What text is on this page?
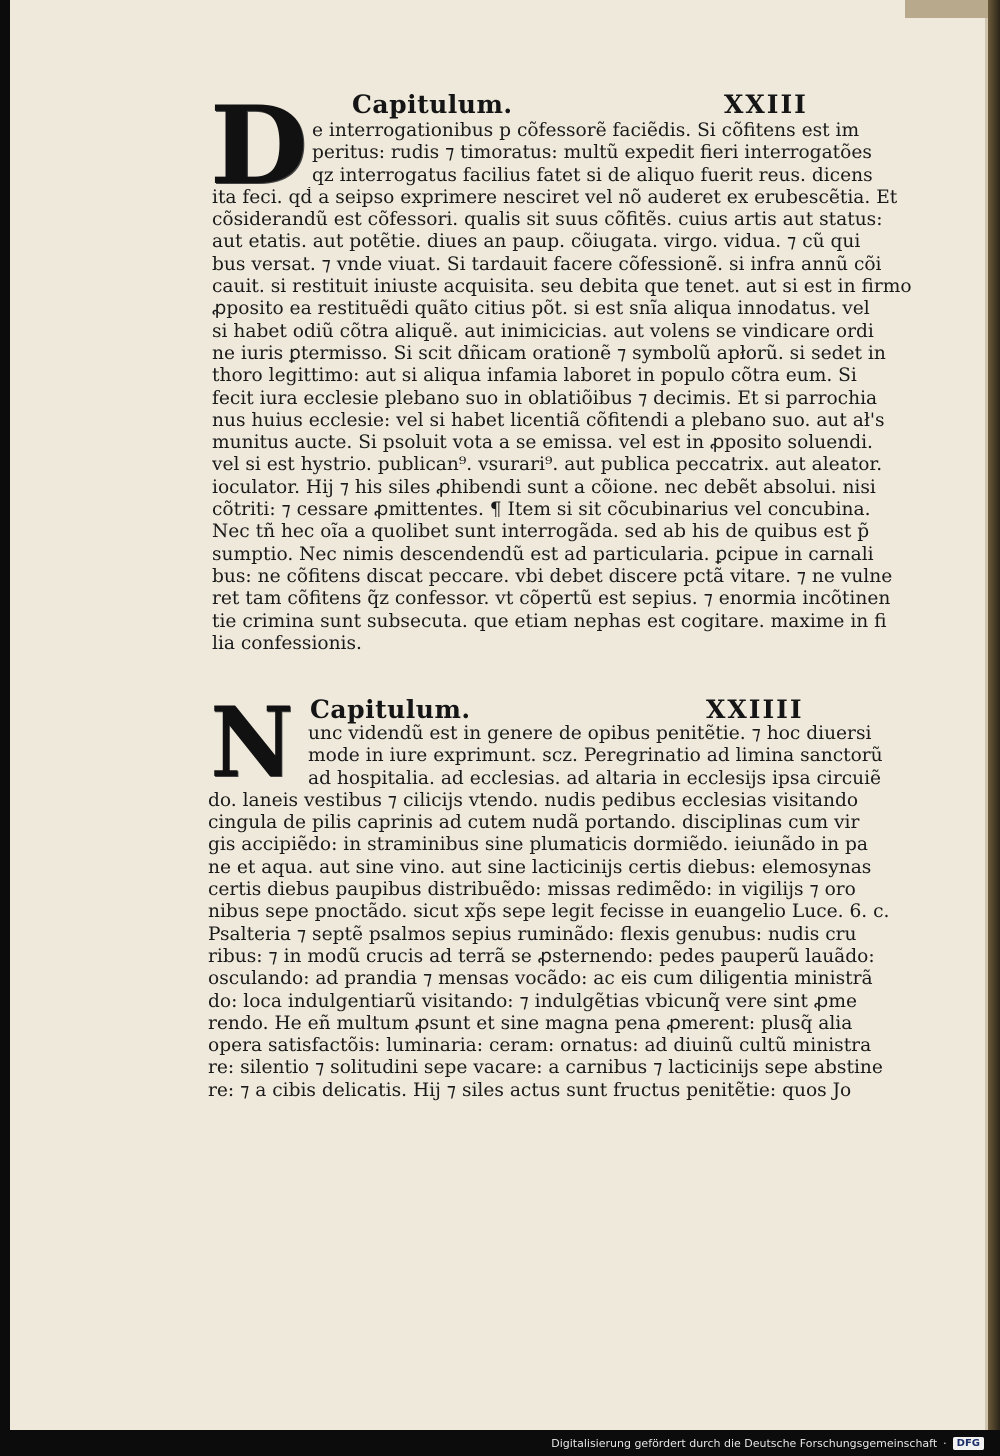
D Capitulum.	XXIII
e interrogationibus p cõfessorẽ faciẽdis. Si cõfitens est im
peritus: rudis ⁊ timoratus: multũ expedit fieri interrogatões
qz interrogatus facilius fatet̃ si de aliquo fuerit reus. dicens
ita feci. qḋ a seipso exprimere nesciret vel nõ auderet ex erubescẽtia. Et
cõsiderandũ est cõfessori. qualis sit suus cõfitẽs. cuius artis aut status:
aut etatis. aut potẽtie. diues an paup. cõiugata. virgo. vidua. ⁊ cũ qui
bus versat̃. ⁊ vnde viuat. Si tardauit facere cõfessionẽ. si infra annũ cõi
cauit. si restituit iniuste acquisita. seu debita que tenet̃. aut si est in firmo
ꝓposito ea restituẽdi quãto citius põt. si est snĩa aliqua innodatus. vel
si habet odiũ cõtra aliquẽ. aut inimicicias. aut volens se vindicare ordi
ne iuris ꝑtermisso. Si scit dñicam orationẽ ⁊ symbolũ apłorũ. si sedet in
thoro legittimo: aut si aliqua infamia laboret in populo cõtra eum. Si
fecit iura ecclesie plebano suo in oblatiõibus ⁊ decimis. Et si parrochia
nus huius ecclesie: vel si habet licentiã cõfitendi a plebano suo. aut ał's
munitus aucte. Si psoluit vota a se emissa. vel est in ꝓposito soluendi.
vel si est hystrio. publican⁹. vsurari⁹. aut publica peccatrix. aut aleator.
ioculator. Hij ⁊ his siles ꝓhibendi sunt a cõione. nec debẽt absolui. nisi
cõtriti: ⁊ cessare ꝓmittentes. ¶ Item si sit cõcubinarius vel concubina.
Nec tñ hec oĩa a quolibet sunt interrogãda. sed ab his de quibus est p̃
sumptio. Nec nimis descendendũ est ad particularia. ꝑcipue in carnali
bus: ne cõfitens discat peccare. vbi debet discere pctã vitare. ⁊ ne vulne
ret tam cõfitens q̃z confessor. vt cõpertũ est sepius. ⁊ enormia incõtinen
tie crimina sunt subsecuta. que etiam nephas est cogitare. maxime in fi
lia confessionis.
N Capitulum.	XXIIII
unc videndũ est in genere de opibus penitẽtie. ⁊ hoc diuersi
mode in iure exprimunt̃. scz. Peregrinatio ad limina sanctorũ
ad hospitalia. ad ecclesias. ad altaria in ecclesijs ipsa circuiẽ
do. laneis vestibus ⁊ cilicijs vtendo. nudis pedibus ecclesias visitando
cingula de pilis caprinis ad cutem nudã portando. disciplinas cum vir
gis accipiẽdo: in straminibus sine plumaticis dormiẽdo. ieiunãdo in pa
ne et aqua. aut sine vino. aut sine lacticinijs certis diebus: elemosynas
certis diebus paupibus distribuẽdo: missas redimẽdo: in vigilijs ⁊ oro
nibus sepe pnoctãdo. sicut xp̃s sepe legit̃ fecisse in euangelio Luce. 6. c.
Psalteria ⁊ septẽ psalmos sepius ruminãdo: flexis genubus: nudis cru
ribus: ⁊ in modũ crucis ad terrã se ꝓsternendo: pedes pauperũ lauãdo:
osculando: ad prandia ⁊ mensas vocãdo: ac eis cum diligentia ministrã
do: loca indulgentiarũ visitando: ⁊ indulgẽtias vbicunq̃ vere sint ꝓme
rendo. He eñ multum ꝓsunt et sine magna pena ꝓmerent̃: plusq̃ alia
opera satisfactõis: luminaria: ceram: ornatus: ad diuinũ cultũ ministra
re: silentio ⁊ solitudini sepe vacare: a carnibus ⁊ lacticinijs sepe abstine
re: ⁊ a cibis delicatis. Hij ⁊ siles actus sunt fructus penitẽtie: quos Jo
Digitalisierung gefördert durch die Deutsche Forschungsgemeinschaft ·	DFG
